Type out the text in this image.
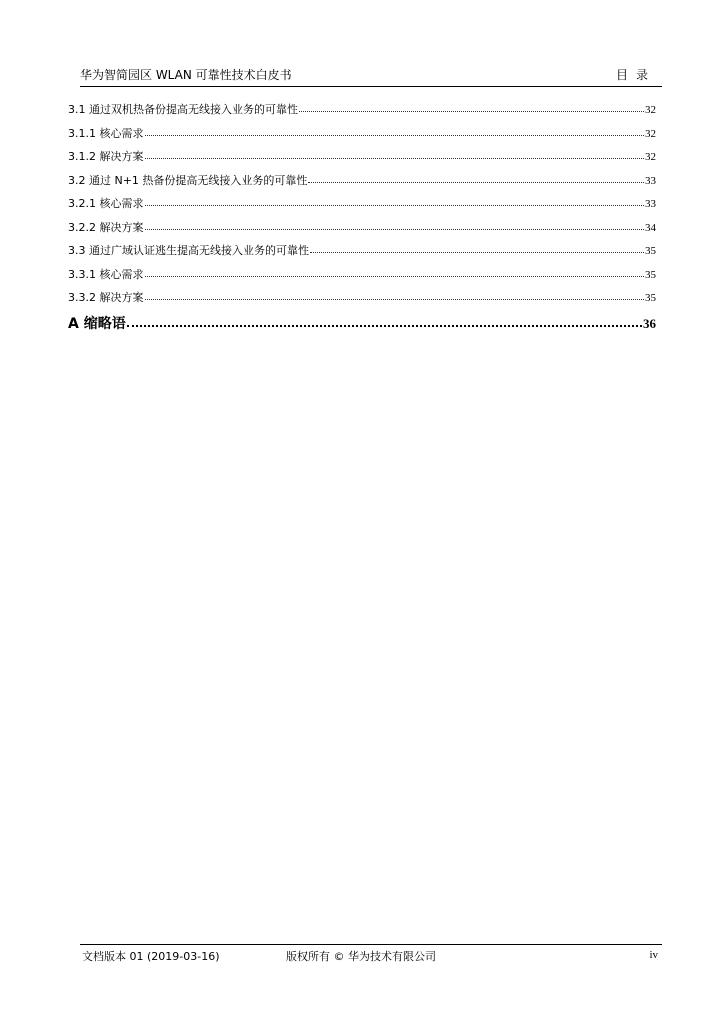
华为智简园区 WLAN 可靠性技术白皮书	目录
3.1 通过双机热备份提高无线接入业务的可靠性	32
3.1.1 核心需求	32
3.1.2 解决方案	32
3.2 通过 N+1 热备份提高无线接入业务的可靠性	33
3.2.1 核心需求	33
3.2.2 解决方案	34
3.3 通过广域认证逃生提高无线接入业务的可靠性	35
3.3.1 核心需求	35
3.3.2 解决方案	35
A 缩略语	36
文档版本 01 (2019-03-16)	版权所有 © 华为技术有限公司	iv
